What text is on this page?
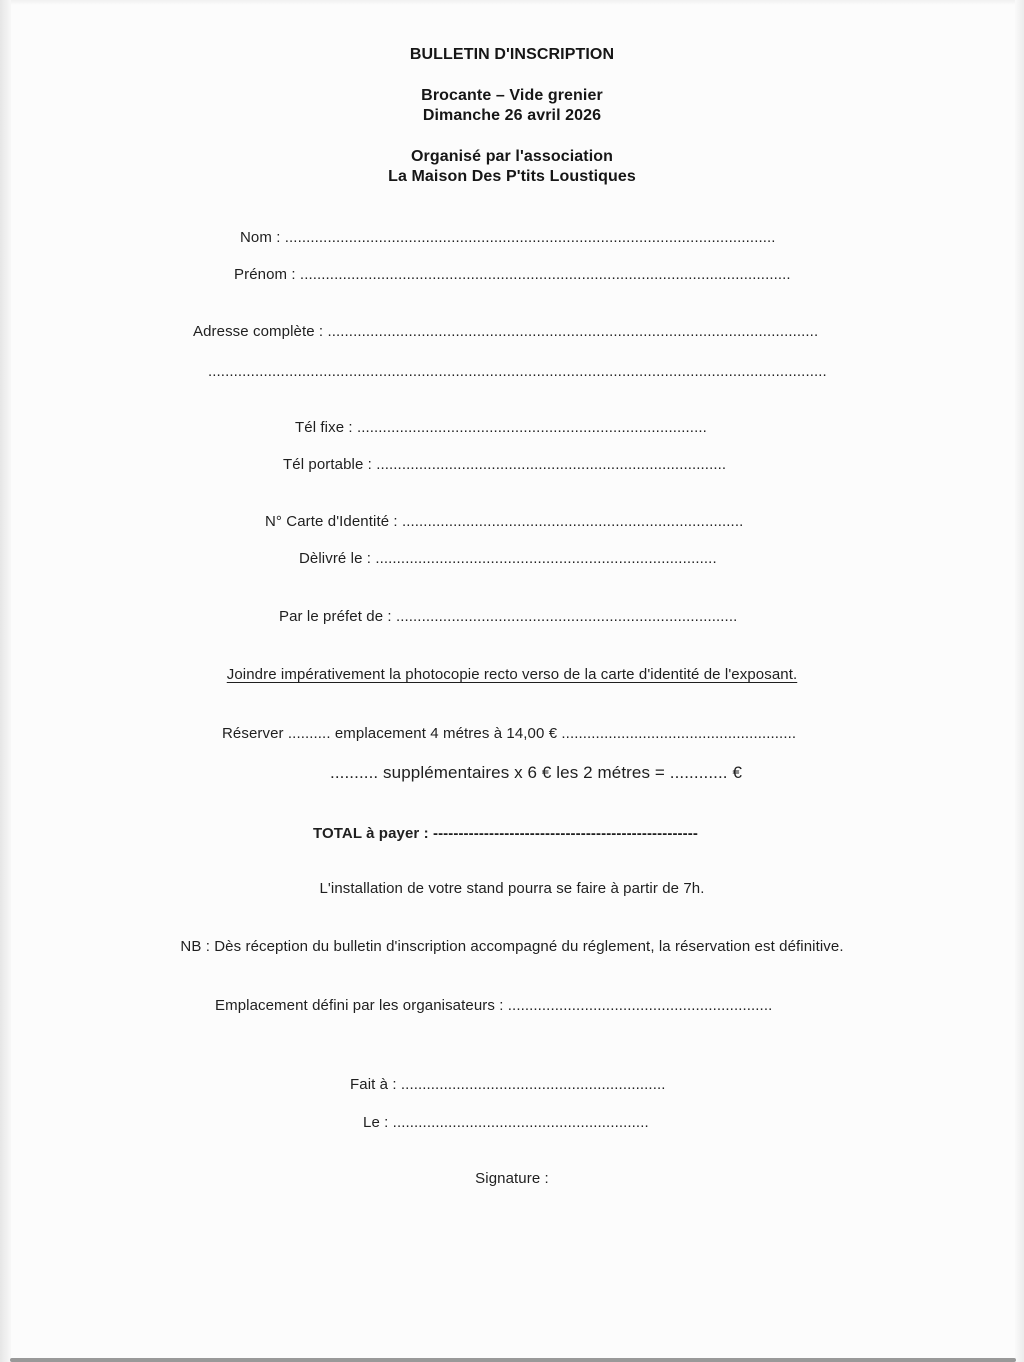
BULLETIN D'INSCRIPTION
Brocante – Vide grenier
Dimanche 26 avril 2026
Organisé par l'association
La Maison Des P'tits Loustiques
Nom : ...................................................................................................................
Prénom : ...................................................................................................................
Adresse complète : ...................................................................................................................
.................................................................................................................................................
Tél fixe : ..................................................................................
Tél portable : ..................................................................................
N° Carte d'Identité : ................................................................................
Dèlivré le : ................................................................................
Par le préfet de : ................................................................................
Joindre impérativement la photocopie recto verso de la carte d'identité de l'exposant.
Réserver .......... emplacement 4 métres à 14,00 € .......................................................
.......... supplémentaires x 6 € les 2 métres = ............ €
TOTAL à payer : ----------------------------------------------------
L'installation de votre stand pourra se faire à partir de 7h.
NB : Dès réception du bulletin d'inscription accompagné du réglement, la réservation est définitive.
Emplacement défini par les organisateurs : ..............................................................
Fait à : ..............................................................
Le : ............................................................
Signature :
